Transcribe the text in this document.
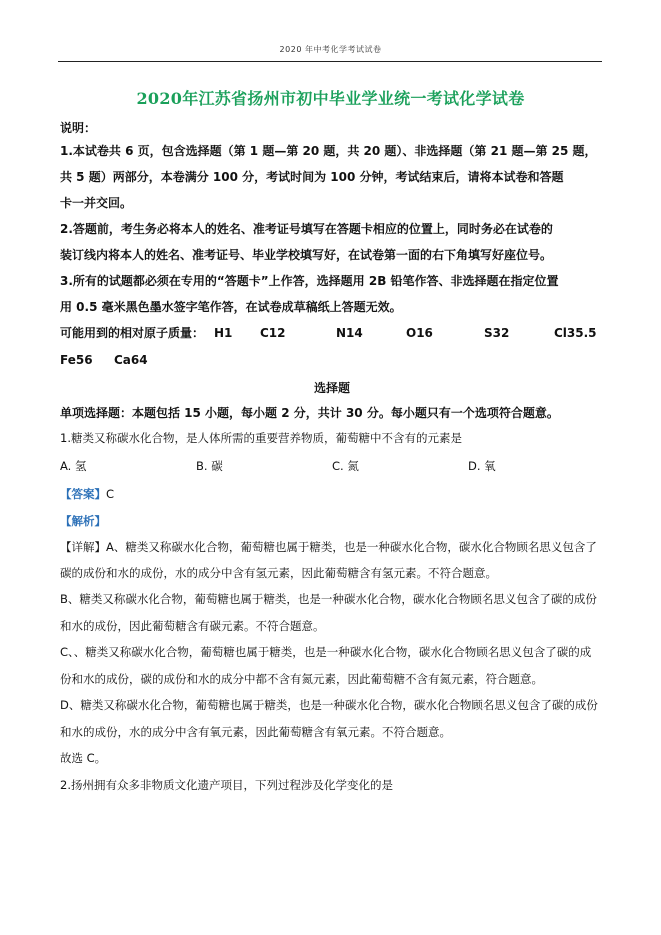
2020 年中考化学考试试卷
2020年江苏省扬州市初中毕业学业统一考试化学试卷
说明：
1.本试卷共 6 页，包含选择题（第 1 题—第 20 题，共 20 题）、非选择题（第 21 题—第 25 题，
共 5 题）两部分，本卷满分 100 分，考试时间为 100 分钟，考试结束后，请将本试卷和答题
卡一并交回。
2.答题前，考生务必将本人的姓名、准考证号填写在答题卡相应的位置上，同时务必在试卷的
装订线内将本人的姓名、准考证号、毕业学校填写好，在试卷第一面的右下角填写好座位号。
3.所有的试题都必须在专用的“答题卡”上作答，选择题用 2B 铅笔作答、非选择题在指定位置
用 0.5 毫米黑色墨水签字笔作答，在试卷成草稿纸上答题无效。
可能用到的相对原子质量： H1	C12	N14	O16	S32	Cl35.5
Fe56	Ca64
选择题
单项选择题：本题包括 15 小题，每小题 2 分，共计 30 分。每小题只有一个选项符合题意。
1.糖类又称碳水化合物，是人体所需的重要营养物质，葡萄糖中不含有的元素是
A. 氢	B. 碳	C. 氮	D. 氧
【答案】C
【解析】
【详解】A、糖类又称碳水化合物，葡萄糖也属于糖类，也是一种碳水化合物，碳水化合物顾名思义包含了
碳的成份和水的成份，水的成分中含有氢元素，因此葡萄糖含有氢元素。不符合题意。
B、糖类又称碳水化合物，葡萄糖也属于糖类，也是一种碳水化合物，碳水化合物顾名思义包含了碳的成份
和水的成份，因此葡萄糖含有碳元素。不符合题意。
C、、糖类又称碳水化合物，葡萄糖也属于糖类，也是一种碳水化合物，碳水化合物顾名思义包含了碳的成
份和水的成份，碳的成份和水的成分中都不含有氮元素，因此葡萄糖不含有氮元素，符合题意。
D、糖类又称碳水化合物，葡萄糖也属于糖类，也是一种碳水化合物，碳水化合物顾名思义包含了碳的成份
和水的成份，水的成分中含有氧元素，因此葡萄糖含有氧元素。不符合题意。
故选 C。
2.扬州拥有众多非物质文化遗产项目，下列过程涉及化学变化的是
